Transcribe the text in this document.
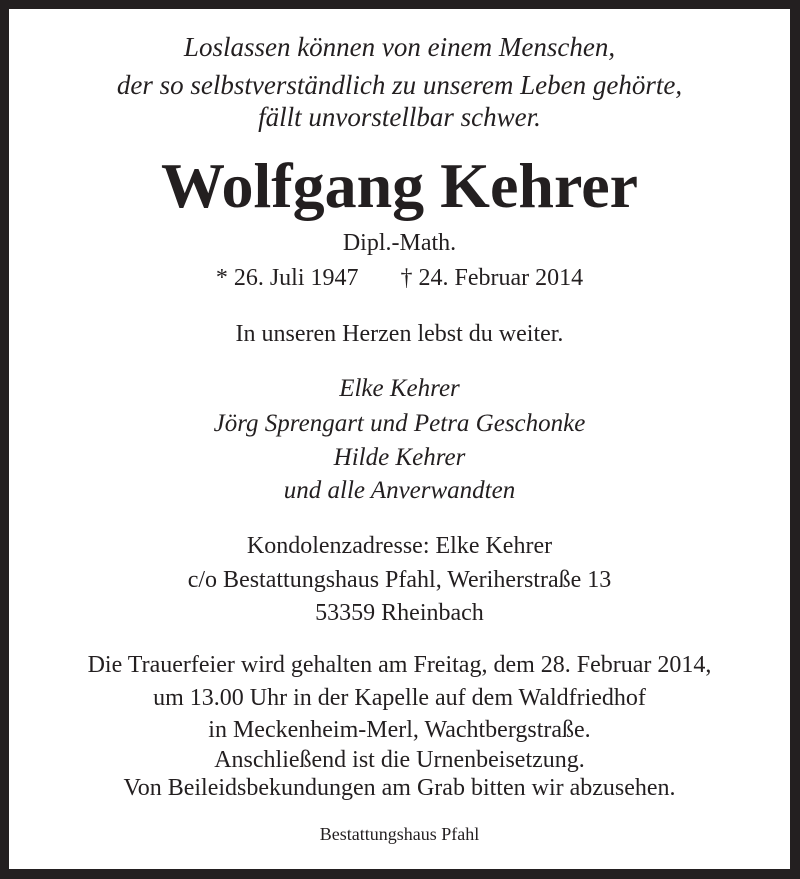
Loslassen können von einem Menschen,
der so selbstverständlich zu unserem Leben gehörte,
fällt unvorstellbar schwer.
Wolfgang Kehrer
Dipl.-Math.
* 26. Juli 1947 † 24. Februar 2014
In unseren Herzen lebst du weiter.
Elke Kehrer
Jörg Sprengart und Petra Geschonke
Hilde Kehrer
und alle Anverwandten
Kondolenzadresse: Elke Kehrer
c/o Bestattungshaus Pfahl, Weriherstraße 13
53359 Rheinbach
Die Trauerfeier wird gehalten am Freitag, dem 28. Februar 2014,
um 13.00 Uhr in der Kapelle auf dem Waldfriedhof
in Meckenheim-Merl, Wachtbergstraße.
Anschließend ist die Urnenbeisetzung.
Von Beileidsbekundungen am Grab bitten wir abzusehen.
Bestattungshaus Pfahl
